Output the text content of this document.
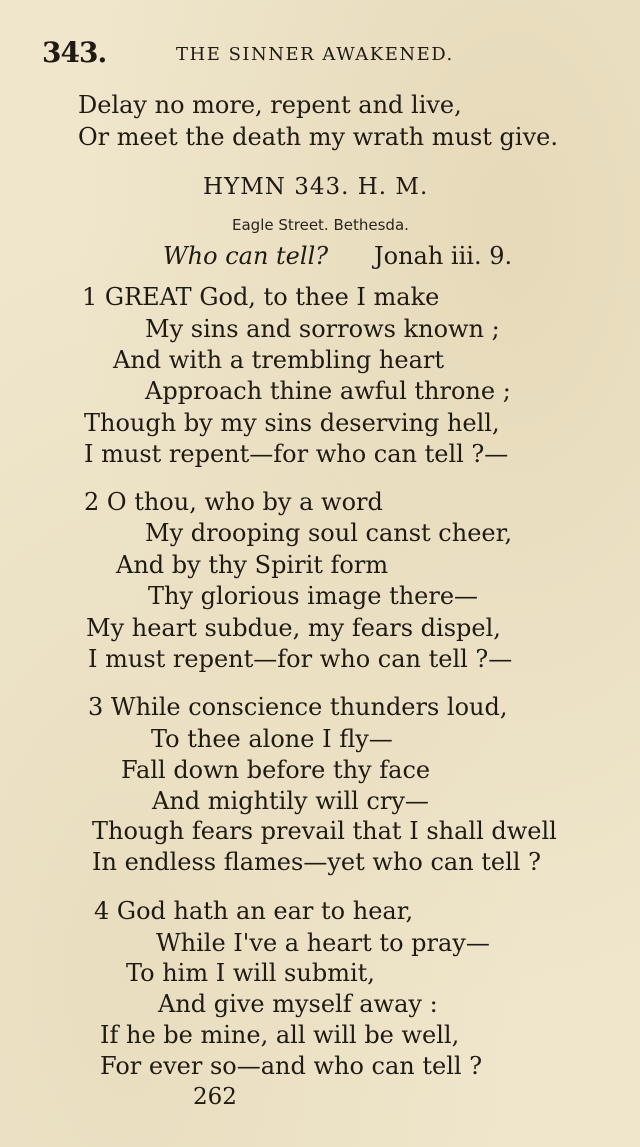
343.	THE SINNER AWAKENED.
Delay no more, repent and live,
Or meet the death my wrath must give.
HYMN 343. H. M.
Eagle Street. Bethesda.
Who can tell? Jonah iii. 9.
1 GREAT God, to thee I make
My sins and sorrows known ;
And with a trembling heart
Approach thine awful throne ;
Though by my sins deserving hell,
I must repent—for who can tell ?—
2 O thou, who by a word
My drooping soul canst cheer,
And by thy Spirit form
Thy glorious image there—
My heart subdue, my fears dispel,
I must repent—for who can tell ?—
3 While conscience thunders loud,
To thee alone I fly—
Fall down before thy face
And mightily will cry—
Though fears prevail that I shall dwell
In endless flames—yet who can tell ?
4 God hath an ear to hear,
While I've a heart to pray—
To him I will submit,
And give myself away :
If he be mine, all will be well,
For ever so—and who can tell ?
262
